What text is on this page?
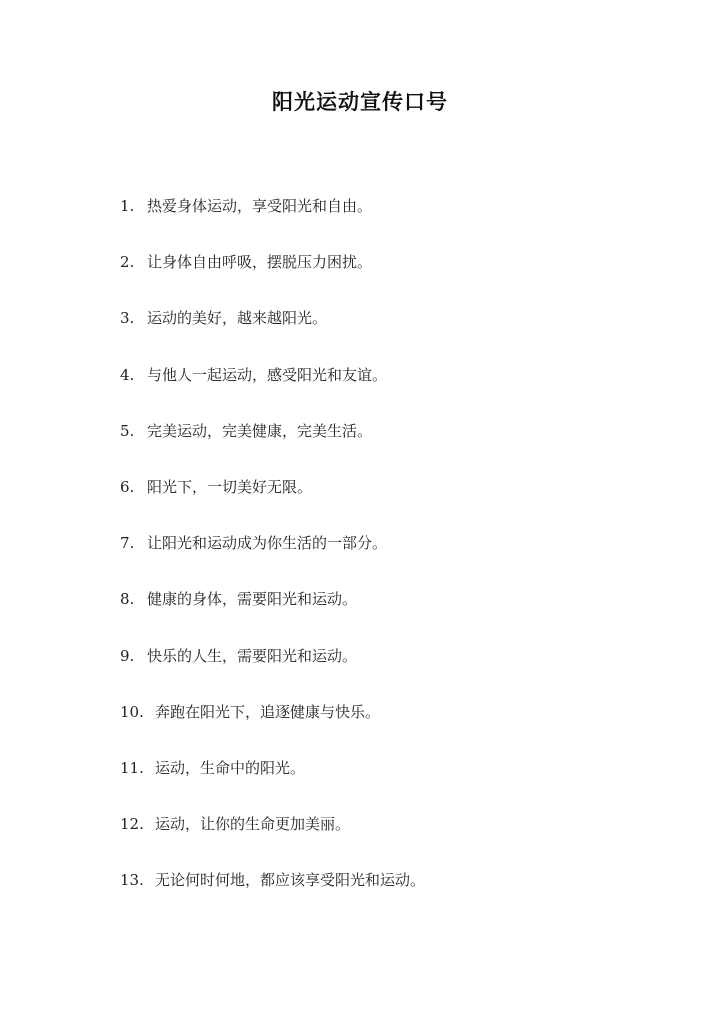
阳光运动宣传口号
1. 热爱身体运动，享受阳光和自由。
2. 让身体自由呼吸，摆脱压力困扰。
3. 运动的美好，越来越阳光。
4. 与他人一起运动，感受阳光和友谊。
5. 完美运动，完美健康，完美生活。
6. 阳光下，一切美好无限。
7. 让阳光和运动成为你生活的一部分。
8. 健康的身体，需要阳光和运动。
9. 快乐的人生，需要阳光和运动。
10. 奔跑在阳光下，追逐健康与快乐。
11. 运动，生命中的阳光。
12. 运动，让你的生命更加美丽。
13. 无论何时何地，都应该享受阳光和运动。
